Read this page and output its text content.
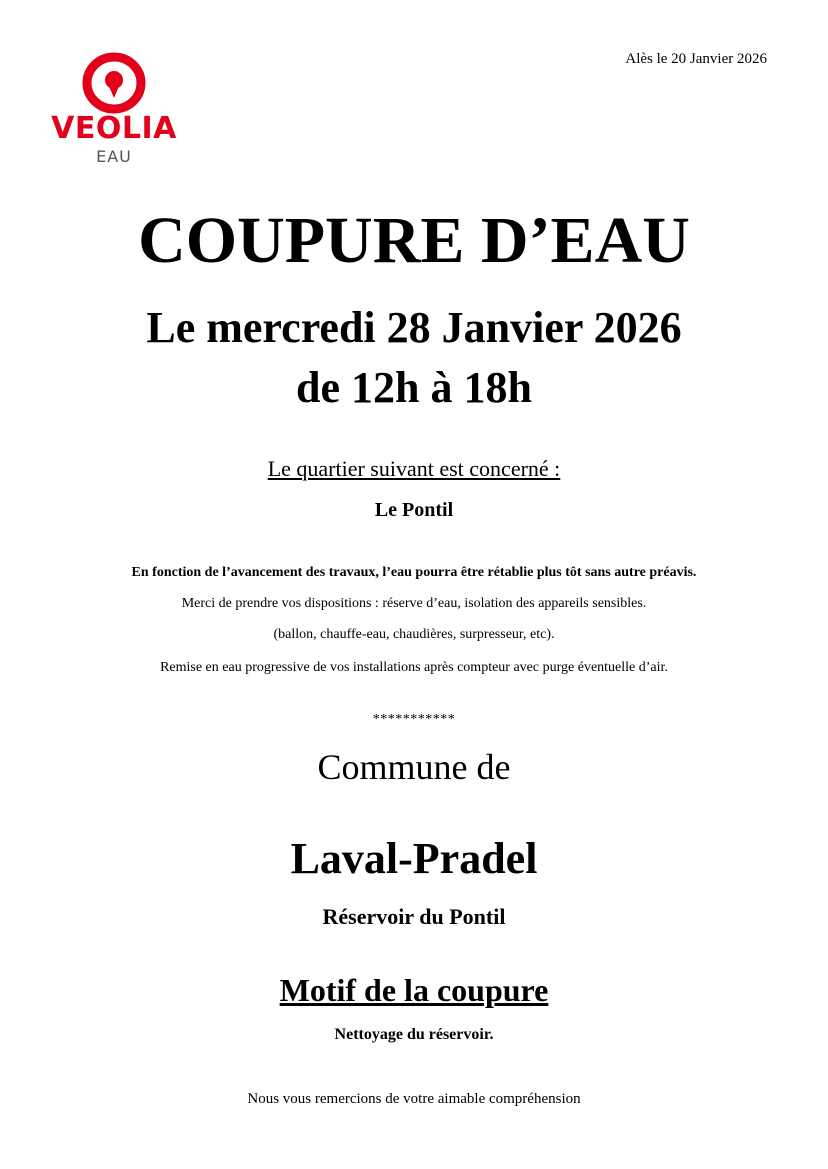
VEOLIA
EAU
Alès le 20 Janvier 2026
COUPURE D’EAU
Le mercredi 28 Janvier 2026
de 12h à 18h
Le quartier suivant est concerné :
Le Pontil
En fonction de l’avancement des travaux, l’eau pourra être rétablie plus tôt sans autre préavis.
Merci de prendre vos dispositions : réserve d’eau, isolation des appareils sensibles.
(ballon, chauffe-eau, chaudières, surpresseur, etc).
Remise en eau progressive de vos installations après compteur avec purge éventuelle d’air.
***********
Commune de
Laval-Pradel
Réservoir du Pontil
Motif de la coupure
Nettoyage du réservoir.
Nous vous remercions de votre aimable compréhension
